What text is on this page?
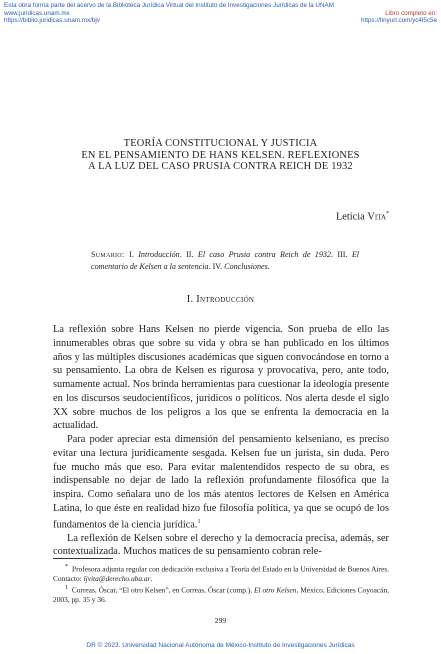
Esta obra forma parte del acervo de la Biblioteca Jurídica Virtual del Instituto de Investigaciones Jurídicas de la UNAM
www.juridicas.unam.mx
https://biblio.juridicas.unam.mx/bjv
Libro completo en:
https://tinyurl.com/yc4l5c5e
TEORÍA CONSTITUCIONAL Y JUSTICIA
EN EL PENSAMIENTO DE HANS KELSEN. REFLEXIONES
A LA LUZ DEL CASO PRUSIA CONTRA REICH DE 1932
Leticia Vita*
Sumario: I. Introducción. II. El caso Prusia contra Reich de 1932. III. El comentario de Kelsen a la sentencia. IV. Conclusiones.
I. Introducción

La reflexión sobre Hans Kelsen no pierde vigencia. Son prueba de ello las innumerables obras que sobre su vida y obra se han publicado en los últimos años y las múltiples discusiones académicas que siguen convocándose en torno a su pensamiento. La obra de Kelsen es rigurosa y provocativa, pero, ante todo, sumamente actual. Nos brinda herramientas para cuestionar la ideología presente en los discursos seudocientíficos, jurídicos o políticos. Nos alerta desde el siglo XX sobre muchos de los peligros a los que se enfrenta la democracia en la actualidad.

Para poder apreciar esta dimensión del pensamiento kelseniano, es preciso evitar una lectura jurídicamente sesgada. Kelsen fue un jurista, sin duda. Pero fue mucho más que eso. Para evitar malentendidos respecto de su obra, es indispensable no dejar de lado la reflexión profundamente filosófica que la inspira. Como señalara uno de los más atentos lectores de Kelsen en América Latina, lo que éste en realidad hizo fue filosofía política, ya que se ocupó de los fundamentos de la ciencia jurídica.$^1$

La reflexión de Kelsen sobre el derecho y la democracia precisa, además, ser contextualizada. Muchos matices de su pensamiento cobran rele-

* Profesora adjunta regular con dedicación exclusiva a Teoría del Estado en la Universidad de Buenos Aires. Contacto: ljvita@derecho.uba.ar.

$^1$ Correas, Óscar, “El otro Kelsen”, en Correas, Óscar (comp.), El otro Kelsen, México, Ediciones Coyoacán, 2003, pp. 35 y 36.

299
DR © 2023. Universidad Nacional Autónoma de México-Instituto de Investigaciones Jurídicas
